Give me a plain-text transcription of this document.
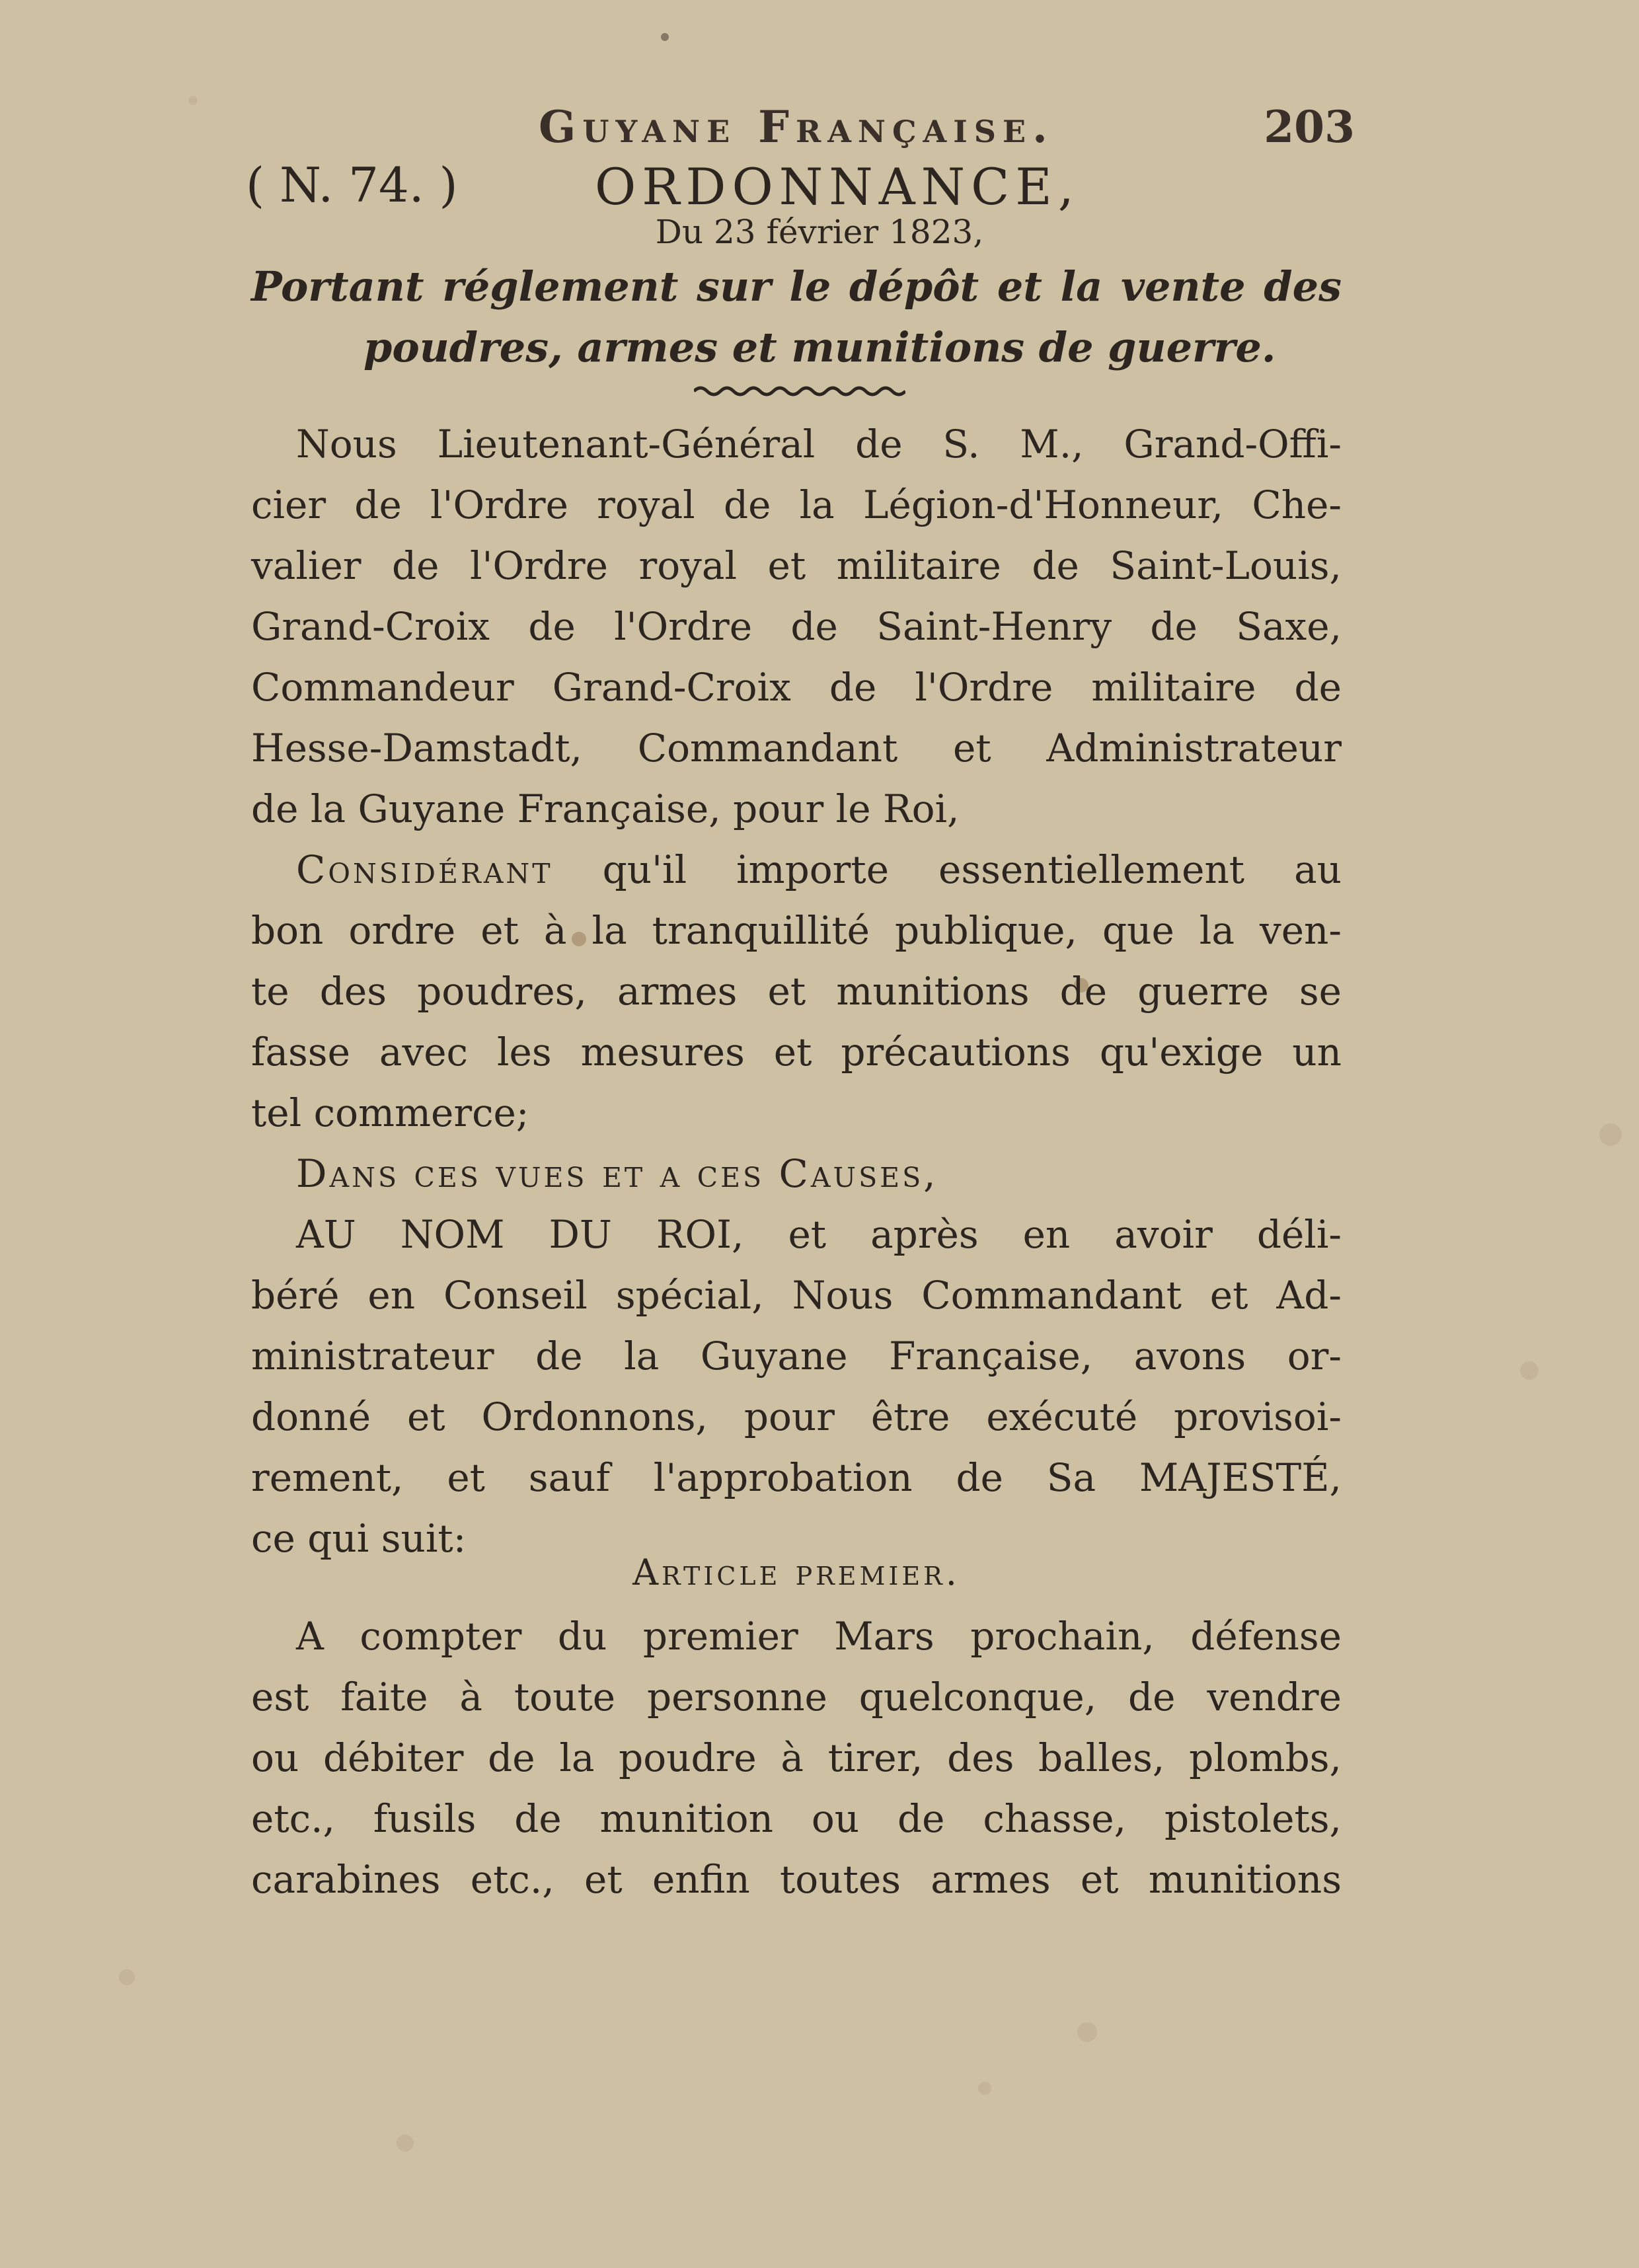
Guyane Française.	203
( N. 74. )	ORDONNANCE,
Du 23 février 1823,
Portant réglement sur le dépôt et la vente des
poudres, armes et munitions de guerre.
Nous Lieutenant-Général de S. M., Grand-Offi-
cier de l'Ordre royal de la Légion-d'Honneur, Che-
valier de l'Ordre royal et militaire de Saint-Louis,
Grand-Croix de l'Ordre de Saint-Henry de Saxe,
Commandeur Grand-Croix de l'Ordre militaire de
Hesse-Damstadt, Commandant et Administrateur
de la Guyane Française, pour le Roi,
Considérant qu'il importe essentiellement au
bon ordre et à la tranquillité publique, que la ven-
te des poudres, armes et munitions de guerre se
fasse avec les mesures et précautions qu'exige un
tel commerce;
Dans ces vues et a ces Causes,
AU NOM DU ROI, et après en avoir déli-
béré en Conseil spécial, Nous Commandant et Ad-
ministrateur de la Guyane Française, avons or-
donné et Ordonnons, pour être exécuté provisoi-
rement, et sauf l'approbation de Sa MAJESTÉ,
ce qui suit:
Article premier.
A compter du premier Mars prochain, défense
est faite à toute personne quelconque, de vendre
ou débiter de la poudre à tirer, des balles, plombs,
etc., fusils de munition ou de chasse, pistolets,
carabines etc., et enfin toutes armes et munitions
